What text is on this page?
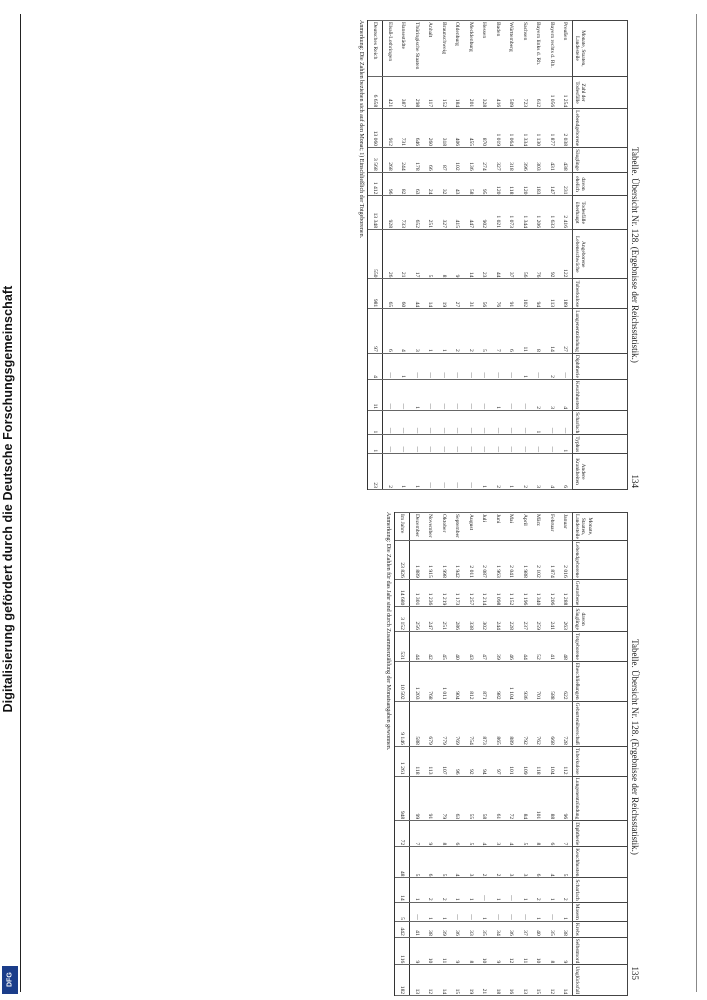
Digitalisierung gefördert durch die Deutsche Forschungsgemeinschaft
DFG
Tabelle. Übersicht Nr. 128. (Ergebnisse der Reichsstatistik.)
134
Monate, Staaten, Landesteile	Zahl der Todesfälle	Lebendgeborene	Säuglinge	davon ehelich	Todesfälle überhaupt	Angeborene Lebensschwäche	Tuberkulose	Lungenentzündung	Diphtherie	Keuchhusten	Scharlach	Typhus	Andere Krankheiten
Preußen	1 254	2 038	438	231	2 416	122	189	27	—	4	—	1	6
Bayern rechts d. Rh.	1 056	1 877	431	147	1 633	92	113	14	2	3	—	—	4
Bayern links d. Rh.	612	1 130	303	183	1 206	76	94	8	—	2	1	—	3
Sachsen	723	1 334	396	120	1 344	56	102	11	1	—	—	—	2
Württemberg	509	1 064	318	118	1 073	37	91	6	—	—	—	—	1
Baden	416	1 019	327	120	1 021	44	76	7	—	1	—	—	2
Hessen	328	870	274	95	902	23	56	5	—	—	—	—	1
Mecklenburg	201	455	136	58	447	14	31	2	—	—	—	—	—
Oldenburg	184	406	102	43	415	9	27	2	—	—	—	—	—
Braunschweig	152	318	87	32	327	8	19	1	—	—	—	—	—
Anhalt	117	260	66	24	251	5	14	1	—	—	—	—	—
Thüringische Staaten	298	646	178	63	652	17	44	3	—	1	—	—	1
Hansestädte	387	731	244	82	733	21	60	4	1	—	—	—	1
Elsaß-Lothringen	421	912	268	96	928	26	65	6	—	—	—	—	2
Deutsches Reich	6 658	13 060	3 568	1 412	13 348	550	981	97	4	11	1	1	23
Anmerkung: Die Zahlen beziehen sich auf den Monat; 1) Einschließlich der Totgeborenen.
Tabelle. Übersicht Nr. 128. (Ergebnisse der Reichsstatistik.)
135
Monate, Staaten, Landesteile	Lebendgeborene	Gestorbene	davon Säuglinge	Totgeborene	Eheschließungen	Geburtenüberschuß	Tuberkulose	Lungenentzündung	Diphtherie	Keuchhusten	Scharlach	Masern	Krebs	Selbstmord	Unglücksfall
Januar	2 016	1 288	263	48	622	728	112	96	7	5	2	1	38	9	14
Februar	1 874	1 206	241	41	588	668	104	88	6	4	1	—	35	8	12
März	2 102	1 340	259	52	701	762	118	101	8	6	2	1	40	10	15
April	1 988	1 196	237	44	936	792	109	84	5	3	1	—	37	11	13
Mai	2 041	1 152	228	46	1 104	889	101	72	4	3	—	—	36	12	16
Juni	1 963	1 098	244	39	982	865	97	61	3	2	1	—	34	9	18
Juli	2 087	1 214	302	47	871	873	94	58	4	2	—	1	35	10	21
August	2 011	1 257	338	43	812	754	92	55	5	3	1	—	33	8	19
September	1 942	1 173	286	40	904	769	96	63	6	4	1	—	36	9	15
Oktober	1 998	1 219	251	45	1 011	779	107	79	8	5	2	1	39	11	14
November	1 915	1 236	247	42	768	679	113	91	9	6	2	1	38	10	12
Dezember	1 889	1 301	256	44	1 203	588	118	99	7	5	1	—	41	9	13
Im Jahre	23 826	14 680	3 152	531	10 502	9 146	1 261	948	72	48	14	5	442	116	182
Anmerkung: Die Zahlen für das Jahr sind durch Zusammenzählung der Monatsangaben gewonnen.
